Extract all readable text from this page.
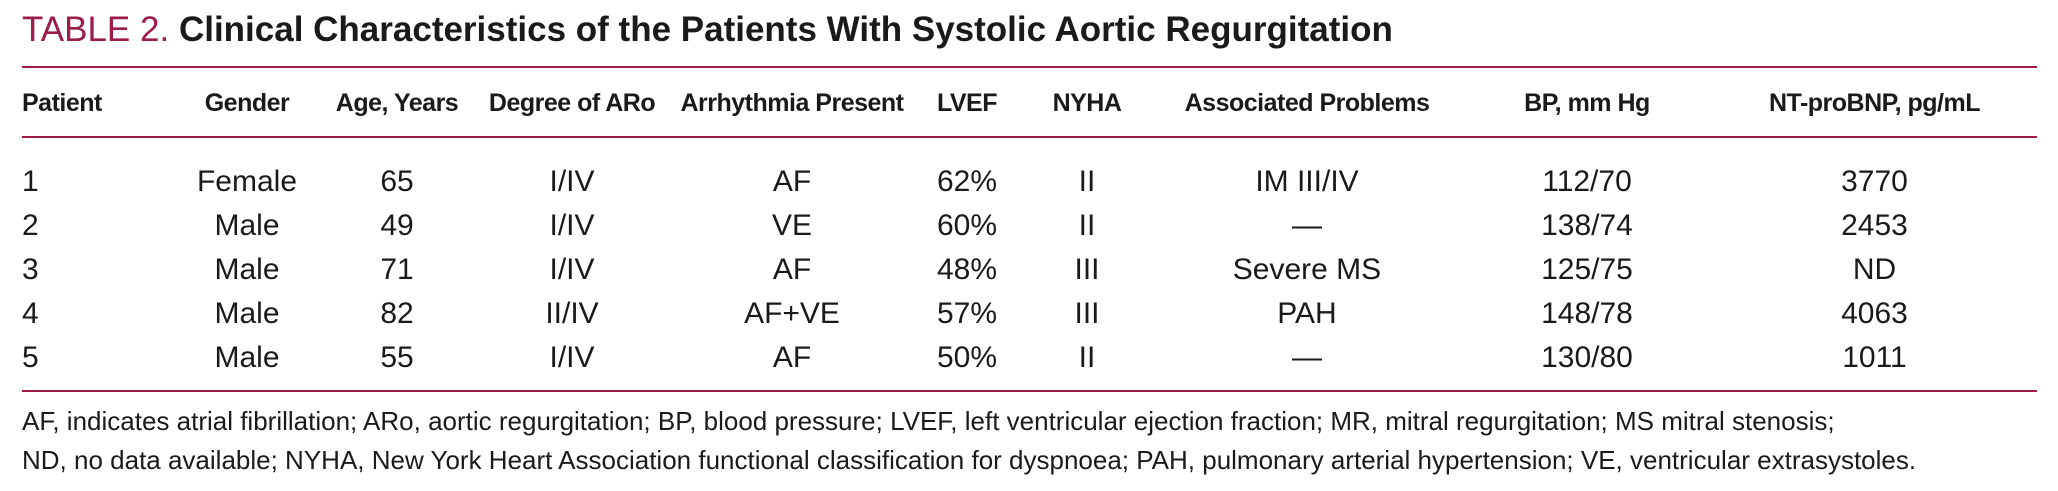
TABLE 2. Clinical Characteristics of the Patients With Systolic Aortic Regurgitation
Patient	Gender	Age, Years	Degree of ARo	Arrhythmia Present	LVEF	NYHA	Associated Problems	BP, mm Hg	NT-proBNP, pg/mL

1	Female	65	I/IV	AF	62%	II	IM III/IV	112/70	3770
2	Male	49	I/IV	VE	60%	II	—	138/74	2453
3	Male	71	I/IV	AF	48%	III	Severe MS	125/75	ND
4	Male	82	II/IV	AF+VE	57%	III	PAH	148/78	4063
5	Male	55	I/IV	AF	50%	II	—	130/80	1011
AF, indicates atrial fibrillation; ARo, aortic regurgitation; BP, blood pressure; LVEF, left ventricular ejection fraction; MR, mitral regurgitation; MS mitral stenosis;
ND, no data available; NYHA, New York Heart Association functional classification for dyspnoea; PAH, pulmonary arterial hypertension; VE, ventricular extrasystoles.
